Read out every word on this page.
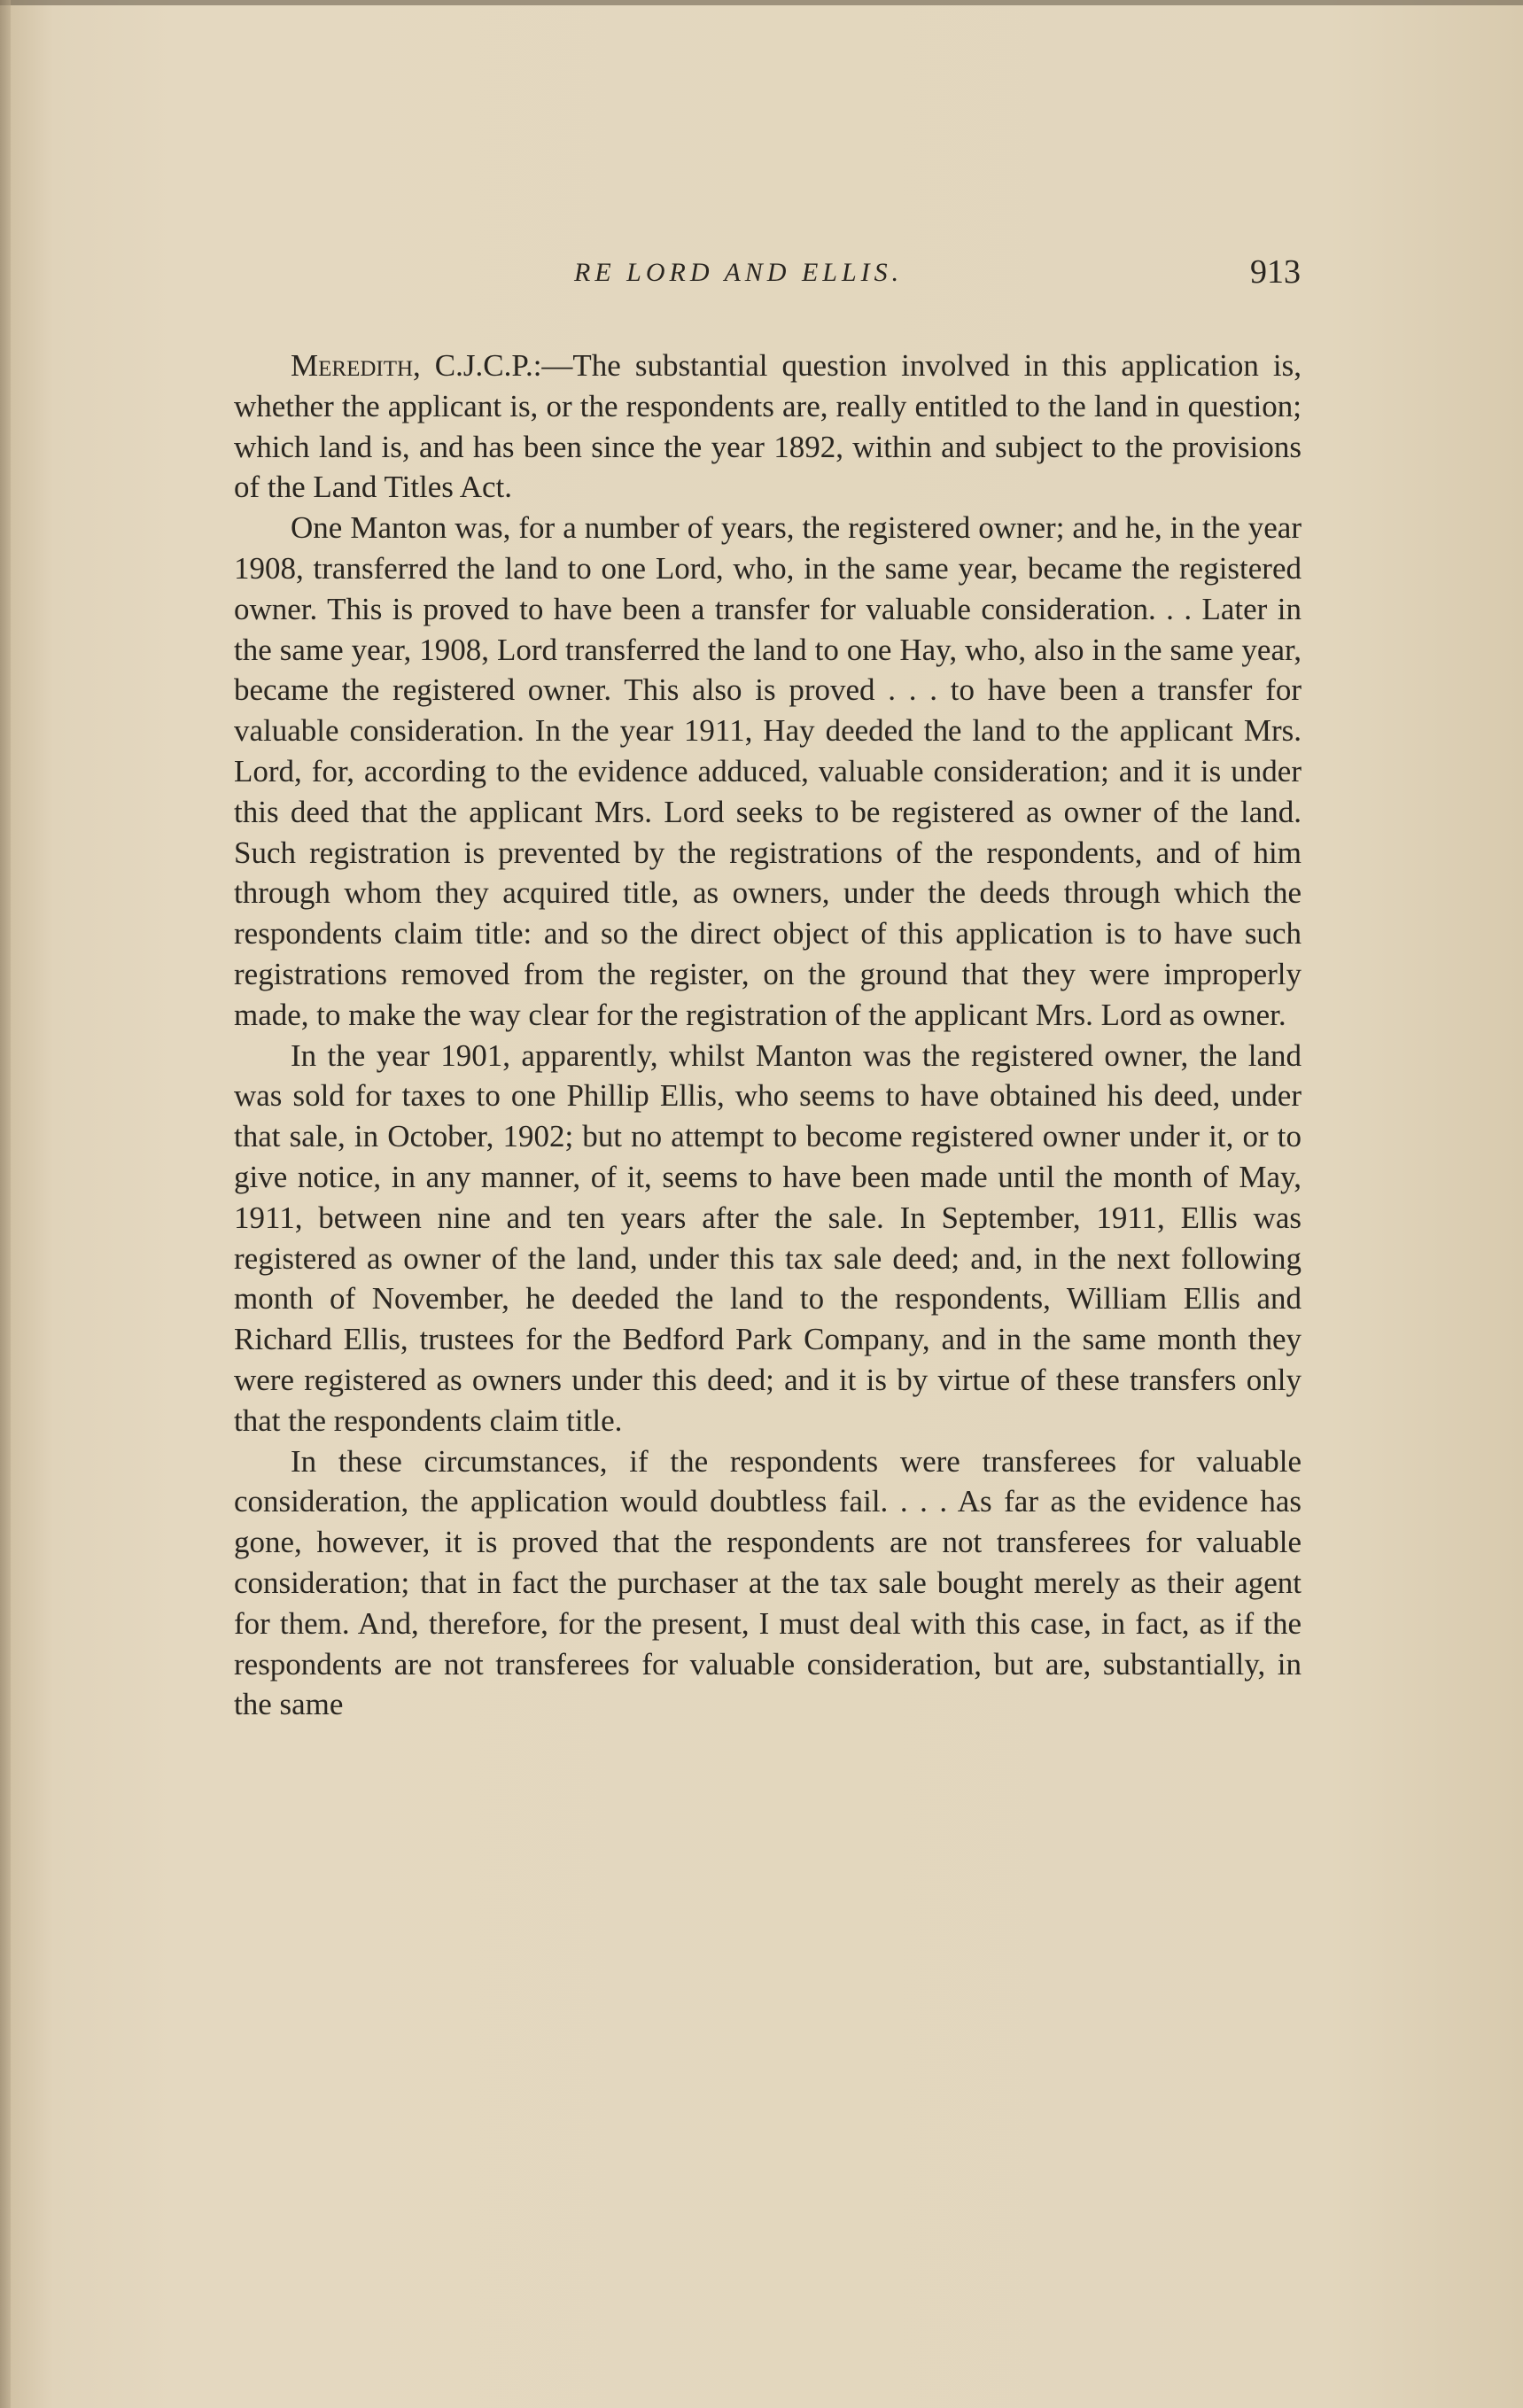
RE LORD AND ELLIS.	913

Meredith, C.J.C.P.:—The substantial question involved in this application is, whether the applicant is, or the respondents are, really entitled to the land in question; which land is, and has been since the year 1892, within and subject to the provisions of the Land Titles Act.

One Manton was, for a number of years, the registered owner; and he, in the year 1908, transferred the land to one Lord, who, in the same year, became the registered owner. This is proved to have been a transfer for valuable consideration. . . Later in the same year, 1908, Lord transferred the land to one Hay, who, also in the same year, became the registered owner. This also is proved . . . to have been a transfer for valuable consideration. In the year 1911, Hay deeded the land to the applicant Mrs. Lord, for, according to the evidence adduced, valuable consideration; and it is under this deed that the applicant Mrs. Lord seeks to be registered as owner of the land. Such registration is prevented by the registrations of the respondents, and of him through whom they acquired title, as owners, under the deeds through which the respondents claim title: and so the direct object of this application is to have such registrations removed from the register, on the ground that they were improperly made, to make the way clear for the registration of the applicant Mrs. Lord as owner.

In the year 1901, apparently, whilst Manton was the registered owner, the land was sold for taxes to one Phillip Ellis, who seems to have obtained his deed, under that sale, in October, 1902; but no attempt to become registered owner under it, or to give notice, in any manner, of it, seems to have been made until the month of May, 1911, between nine and ten years after the sale. In September, 1911, Ellis was registered as owner of the land, under this tax sale deed; and, in the next following month of November, he deeded the land to the respondents, William Ellis and Richard Ellis, trustees for the Bedford Park Company, and in the same month they were registered as owners under this deed; and it is by virtue of these transfers only that the respondents claim title.

In these circumstances, if the respondents were transferees for valuable consideration, the application would doubtless fail. . . . As far as the evidence has gone, however, it is proved that the respondents are not transferees for valuable consideration; that in fact the purchaser at the tax sale bought merely as their agent for them. And, therefore, for the present, I must deal with this case, in fact, as if the respondents are not transferees for valuable consideration, but are, substantially, in the same
